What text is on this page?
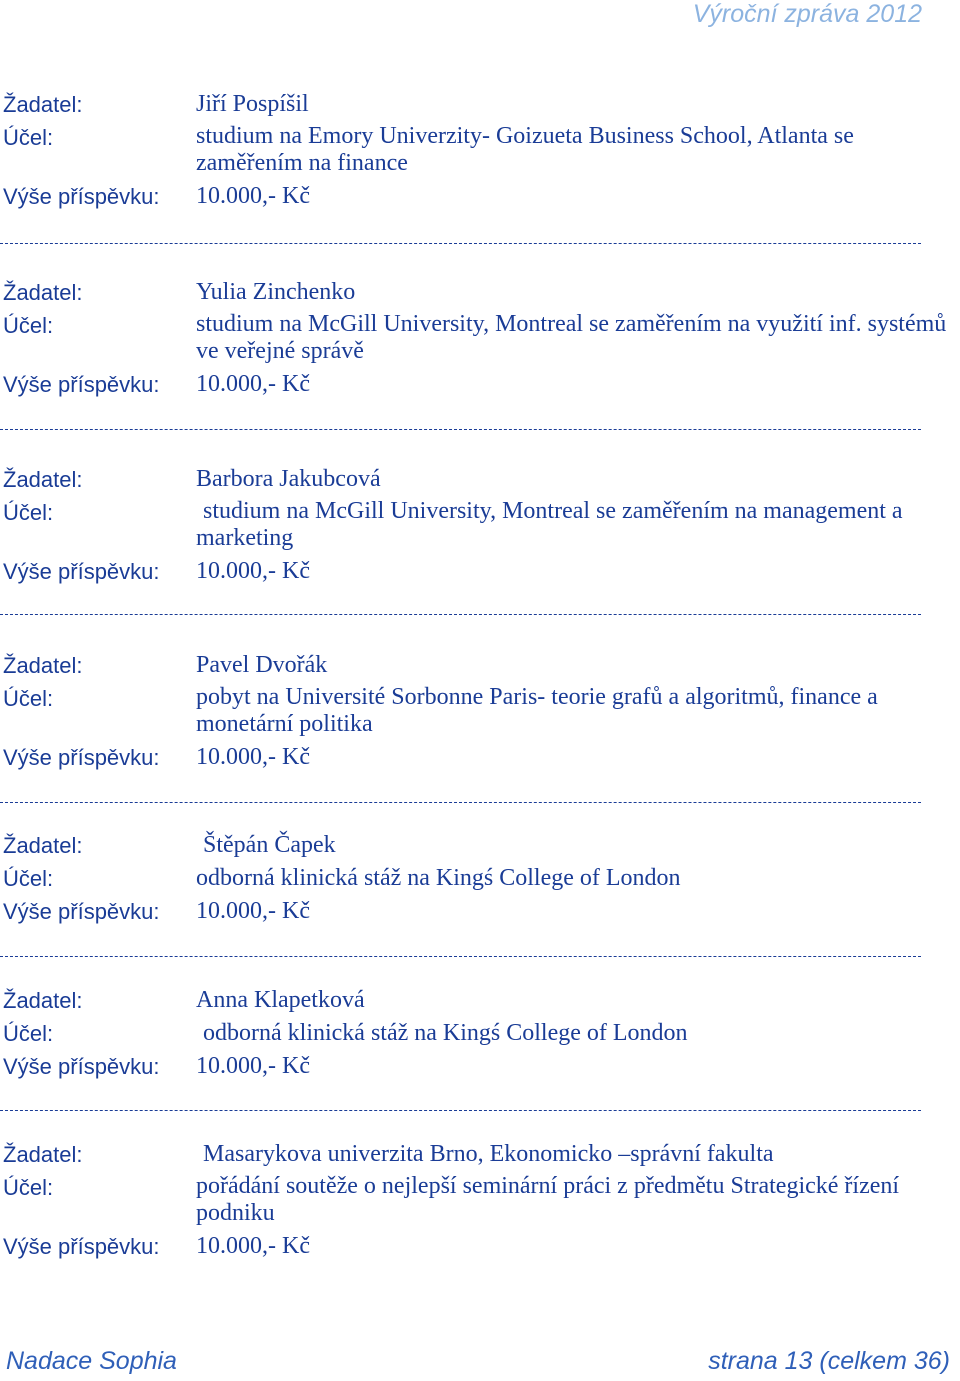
Výroční zpráva 2012
Žadatel:	Jiří Pospíšil
Účel:	studium na Emory Univerzity- Goizueta Business School, Atlanta se zaměřením na finance
Výše příspěvku: 10.000,- Kč
Žadatel:	Yulia Zinchenko
Účel:	studium na McGill University, Montreal se zaměřením na využití inf. systémů ve veřejné správě
Výše příspěvku: 10.000,- Kč
Žadatel:	Barbora Jakubcová
Účel:	studium na McGill University, Montreal se zaměřením na management a marketing
Výše příspěvku: 10.000,- Kč
Žadatel:	Pavel Dvořák
Účel:	pobyt na Université Sorbonne Paris- teorie grafů a algoritmů, finance a monetární politika
Výše příspěvku: 10.000,- Kč
Žadatel:	Štěpán Čapek
Účel:	odborná klinická stáž na Kingś College of London
Výše příspěvku: 10.000,- Kč
Žadatel:	Anna Klapetková
Účel:	odborná klinická stáž na Kingś College of London
Výše příspěvku: 10.000,- Kč
Žadatel:	Masarykova univerzita Brno, Ekonomicko –správní fakulta
Účel:	pořádání soutěže o nejlepší seminární práci z předmětu Strategické řízení podniku
Výše příspěvku: 10.000,- Kč
Nadace Sophia	strana 13 (celkem 36)
